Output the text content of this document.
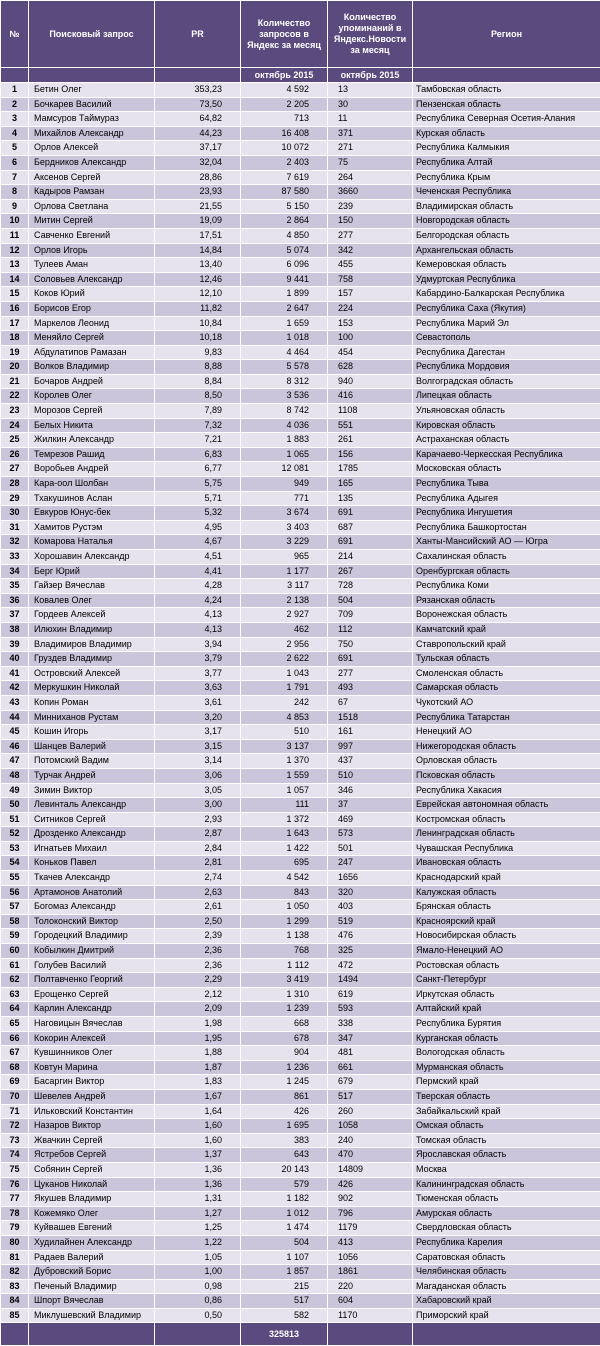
№	Поисковый запрос	PR	Количество запросов в Яндекс за месяц	Количество упоминаний в Яндекс.Новости за месяц	Регион
			октябрь 2015	октябрь 2015	
1	Бетин Олег	353,23	4 592	13	Тамбовская область
2	Бочкарев Василий	73,50	2 205	30	Пензенская область
3	Мамсуров Таймураз	64,82	713	11	Республика Северная Осетия-Алания
4	Михайлов Александр	44,23	16 408	371	Курская область
5	Орлов Алексей	37,17	10 072	271	Республика Калмыкия
6	Бердников Александр	32,04	2 403	75	Республика Алтай
7	Аксенов Сергей	28,86	7 619	264	Республика Крым
8	Кадыров Рамзан	23,93	87 580	3660	Чеченская Республика
9	Орлова Светлана	21,55	5 150	239	Владимирская область
10	Митин Сергей	19,09	2 864	150	Новгородская область
11	Савченко Евгений	17,51	4 850	277	Белгородская область
12	Орлов Игорь	14,84	5 074	342	Архангельская область
13	Тулеев Аман	13,40	6 096	455	Кемеровская область
14	Соловьев Александр	12,46	9 441	758	Удмуртская Республика
15	Коков Юрий	12,10	1 899	157	Кабардино-Балкарская Республика
16	Борисов Егор	11,82	2 647	224	Республика Саха (Якутия)
17	Маркелов Леонид	10,84	1 659	153	Республика Марий Эл
18	Меняйло Сергей	10,18	1 018	100	Севастополь
19	Абдулатипов Рамазан	9,83	4 464	454	Республика Дагестан
20	Волков Владимир	8,88	5 578	628	Республика Мордовия
21	Бочаров Андрей	8,84	8 312	940	Волгоградская область
22	Королев Олег	8,50	3 536	416	Липецкая область
23	Морозов Сергей	7,89	8 742	1108	Ульяновская область
24	Белых Никита	7,32	4 036	551	Кировская область
25	Жилкин Александр	7,21	1 883	261	Астраханская область
26	Темрезов Рашид	6,83	1 065	156	Карачаево-Черкесская Республика
27	Воробьев Андрей	6,77	12 081	1785	Московская область
28	Кара-оол Шолбан	5,75	949	165	Республика Тыва
29	Тхакушинов Аслан	5,71	771	135	Республика Адыгея
30	Евкуров Юнус-бек	5,32	3 674	691	Республика Ингушетия
31	Хамитов Рустэм	4,95	3 403	687	Республика Башкортостан
32	Комарова Наталья	4,67	3 229	691	Ханты-Мансийский АО — Югра
33	Хорошавин Александр	4,51	965	214	Сахалинская область
34	Берг Юрий	4,41	1 177	267	Оренбургская область
35	Гайзер Вячеслав	4,28	3 117	728	Республика Коми
36	Ковалев Олег	4,24	2 138	504	Рязанская область
37	Гордеев Алексей	4,13	2 927	709	Воронежская область
38	Илюхин Владимир	4,13	462	112	Камчатский край
39	Владимиров Владимир	3,94	2 956	750	Ставропольский край
40	Груздев Владимир	3,79	2 622	691	Тульская область
41	Островский Алексей	3,77	1 043	277	Смоленская область
42	Меркушкин Николай	3,63	1 791	493	Самарская область
43	Копин Роман	3,61	242	67	Чукотский АО
44	Минниханов Рустам	3,20	4 853	1518	Республика Татарстан
45	Кошин Игорь	3,17	510	161	Ненецкий АО
46	Шанцев Валерий	3,15	3 137	997	Нижегородская область
47	Потомский Вадим	3,14	1 370	437	Орловская область
48	Турчак Андрей	3,06	1 559	510	Псковская область
49	Зимин Виктор	3,05	1 057	346	Республика Хакасия
50	Левинталь Александр	3,00	111	37	Еврейская автономная область
51	Ситников Сергей	2,93	1 372	469	Костромская область
52	Дрозденко Александр	2,87	1 643	573	Ленинградская область
53	Игнатьев Михаил	2,84	1 422	501	Чувашская Республика
54	Коньков Павел	2,81	695	247	Ивановская область
55	Ткачев Александр	2,74	4 542	1656	Краснодарский край
56	Артамонов Анатолий	2,63	843	320	Калужская область
57	Богомаз Александр	2,61	1 050	403	Брянская область
58	Толоконский Виктор	2,50	1 299	519	Красноярский край
59	Городецкий Владимир	2,39	1 138	476	Новосибирская область
60	Кобылкин Дмитрий	2,36	768	325	Ямало-Ненецкий АО
61	Голубев Василий	2,36	1 112	472	Ростовская область
62	Полтавченко Георгий	2,29	3 419	1494	Санкт-Петербург
63	Ерощенко Сергей	2,12	1 310	619	Иркутская область
64	Карлин Александр	2,09	1 239	593	Алтайский край
65	Наговицын Вячеслав	1,98	668	338	Республика Бурятия
66	Кокорин Алексей	1,95	678	347	Курганская область
67	Кувшинников Олег	1,88	904	481	Вологодская область
68	Ковтун Марина	1,87	1 236	661	Мурманская область
69	Басаргин Виктор	1,83	1 245	679	Пермский край
70	Шевелев Андрей	1,67	861	517	Тверская область
71	Ильковский Константин	1,64	426	260	Забайкальский край
72	Назаров Виктор	1,60	1 695	1058	Омская область
73	Жвачкин Сергей	1,60	383	240	Томская область
74	Ястребов Сергей	1,37	643	470	Ярославская область
75	Собянин Сергей	1,36	20 143	14809	Москва
76	Цуканов Николай	1,36	579	426	Калининградская область
77	Якушев Владимир	1,31	1 182	902	Тюменская область
78	Кожемяко Олег	1,27	1 012	796	Амурская область
79	Куйвашев Евгений	1,25	1 474	1179	Свердловская область
80	Худилайнен Александр	1,22	504	413	Республика Карелия
81	Радаев Валерий	1,05	1 107	1056	Саратовская область
82	Дубровский Борис	1,00	1 857	1861	Челябинская область
83	Печеный Владимир	0,98	215	220	Магаданская область
84	Шпорт Вячеслав	0,86	517	604	Хабаровский край
85	Миклушевский Владимир	0,50	582	1170	Приморский край
			325813		
